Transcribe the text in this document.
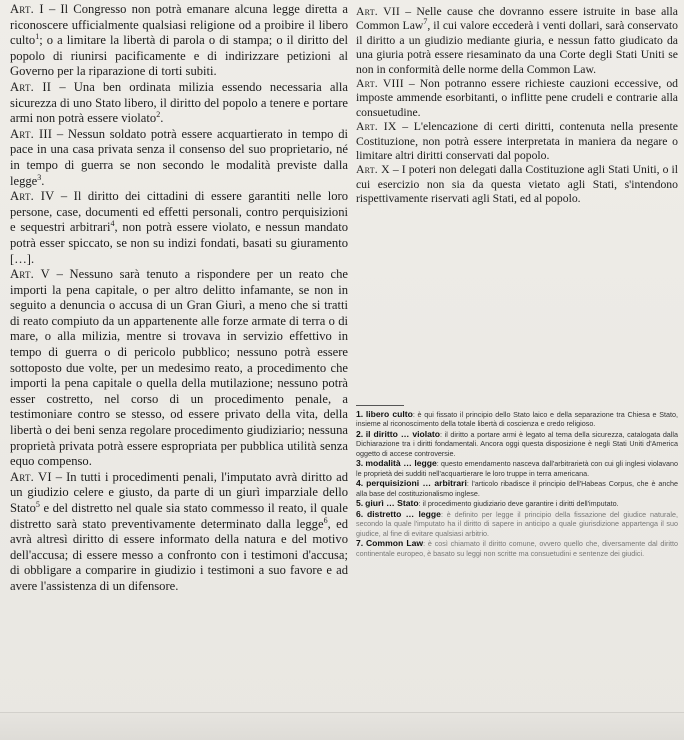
Art. I – Il Congresso non potrà emanare alcuna legge diretta a riconoscere ufficialmente qualsiasi religione od a proibire il libero culto$^1$; o a limitare la libertà di parola o di stampa; o il diritto del popolo di riunirsi pacificamente e di indirizzare petizioni al Governo per la riparazione di torti subiti.

Art. II – Una ben ordinata milizia essendo necessaria alla sicurezza di uno Stato libero, il diritto del popolo a tenere e portare armi non potrà essere violato$^2$.

Art. III – Nessun soldato potrà essere acquartierato in tempo di pace in una casa privata senza il consenso del suo proprietario, né in tempo di guerra se non secondo le modalità previste dalla legge$^3$.

Art. IV – Il diritto dei cittadini di essere garantiti nelle loro persone, case, documenti ed effetti personali, contro perquisizioni e sequestri arbitrari$^4$, non potrà essere violato, e nessun mandato potrà esser spiccato, se non su indizi fondati, basati su giuramento […].

Art. V – Nessuno sarà tenuto a rispondere per un reato che importi la pena capitale, o per altro delitto infamante, se non in seguito a denuncia o accusa di un Gran Giurì, a meno che si tratti di reato compiuto da un appartenente alle forze armate di terra o di mare, o alla milizia, mentre si trovava in servizio effettivo in tempo di guerra o di pericolo pubblico; nessuno potrà essere sottoposto due volte, per un medesimo reato, a procedimento che importi la pena capitale o quella della mutilazione; nessuno potrà esser costretto, nel corso di un procedimento penale, a testimoniare contro se stesso, od essere privato della vita, della libertà o dei beni senza regolare procedimento giudiziario; nessuna proprietà privata potrà essere espropriata per pubblica utilità senza equo compenso.

Art. VI – In tutti i procedimenti penali, l'imputato avrà diritto ad un giudizio celere e giusto, da parte di un giurì imparziale dello Stato$^5$ e del distretto nel quale sia stato commesso il reato, il quale distretto sarà stato preventivamente determinato dalla legge$^6$, ed avrà altresì diritto di essere informato della natura e del motivo dell'accusa; di essere messo a confronto con i testimoni d'accusa; di obbligare a comparire in giudizio i testimoni a suo favore e ad avere l'assistenza di un difensore.

Art. VII – Nelle cause che dovranno essere istruite in base alla Common Law$^7$, il cui valore eccederà i venti dollari, sarà conservato il diritto a un giudizio mediante giuria, e nessun fatto giudicato da una giuria potrà essere riesaminato da una Corte degli Stati Uniti se non in conformità delle norme della Common Law.

Art. VIII – Non potranno essere richieste cauzioni eccessive, od imposte ammende esorbitanti, o inflitte pene crudeli e contrarie alla consuetudine.

Art. IX – L'elencazione di certi diritti, contenuta nella presente Costituzione, non potrà essere interpretata in maniera da negare o limitare altri diritti conservati dal popolo.

Art. X – I poteri non delegati dalla Costituzione agli Stati Uniti, o il cui esercizio non sia da questa vietato agli Stati, s'intendono rispettivamente riservati agli Stati, ed al popolo.

1. libero culto: è qui fissato il principio dello Stato laico e della separazione tra Chiesa e Stato, insieme al riconoscimento della totale libertà di coscienza e credo religioso.

2. il diritto … violato: il diritto a portare armi è legato al tema della sicurezza, catalogata dalla Dichiarazione tra i diritti fondamentali. Ancora oggi questa disposizione è negli Stati Uniti d'America oggetto di accese controversie.

3. modalità … legge: questo emendamento nasceva dall'arbitrarietà con cui gli inglesi violavano le proprietà dei sudditi nell'acquartierare le loro truppe in terra americana.

4. perquisizioni … arbitrari: l'articolo ribadisce il principio dell'Habeas Corpus, che è anche alla base del costituzionalismo inglese.

5. giurì … Stato: il procedimento giudiziario deve garantire i diritti dell'imputato.

6. distretto … legge: è definito per legge il principio della fissazione del giudice naturale, secondo la quale l'imputato ha il diritto di sapere in anticipo a quale giurisdizione appartenga il suo giudice, al fine di evitare qualsiasi arbitrio.

7. Common Law: è così chiamato il diritto comune, ovvero quello che, diversamente dal diritto continentale europeo, è basato su leggi non scritte ma consuetudini e sentenze dei giudici.
